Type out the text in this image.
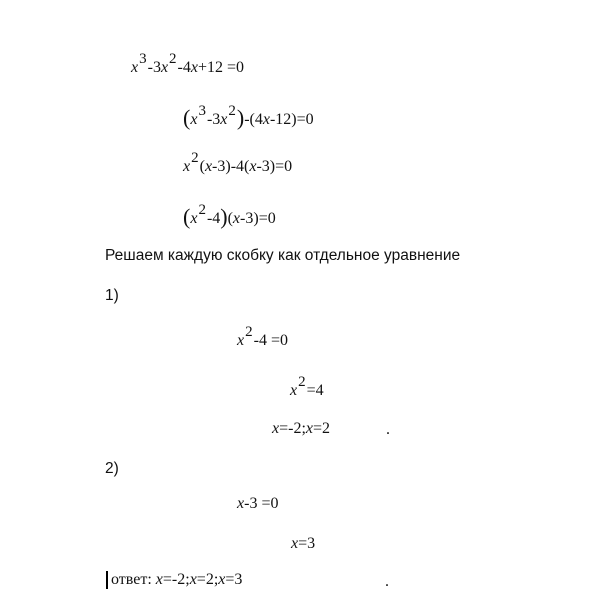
$x^3-3x^2-4x+12 =0$
$(x^3-3x^2)-(4x-12)=0$
$x^2(x-3)-4(x-3)=0$
$(x^2-4)(x-3)=0$
Решаем каждую скобку как отдельное уравнение
1)
$x^2-4 =0$
$x^2=4$
x=-2;x=2	.
2)
x-3 =0
x=3
ответ: x=-2;x=2;x=3	.
